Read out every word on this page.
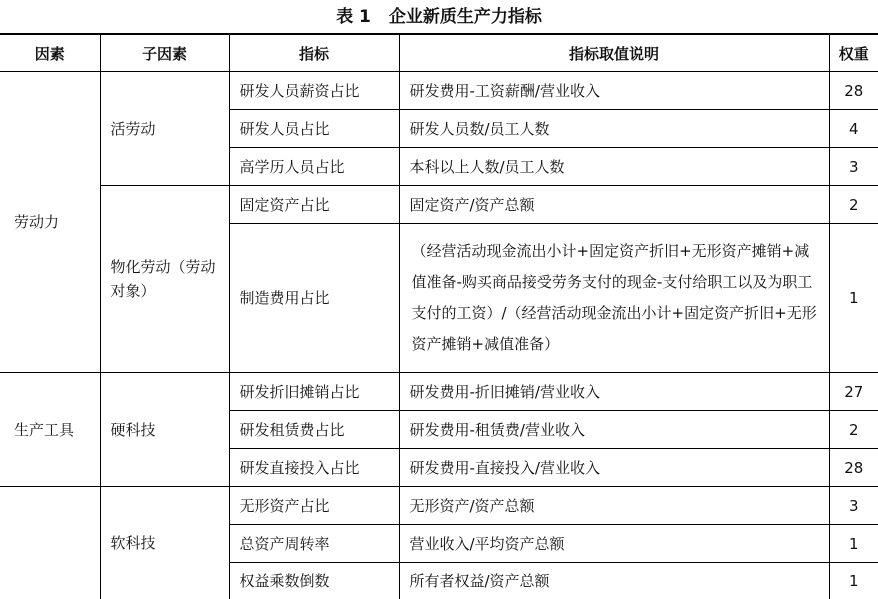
表 1 企业新质生产力指标
因素	子因素	指标	指标取值说明	权重
劳动力	活劳动	研发人员薪资占比	研发费用-工资薪酬/营业收入	28
		研发人员占比	研发人员数/员工人数	4
		高学历人员占比	本科以上人数/员工人数	3
	物化劳动（劳动对象）	固定资产占比	固定资产/资产总额	2
		制造费用占比	（经营活动现金流出小计+固定资产折旧+无形资产摊销+减值准备-购买商品接受劳务支付的现金-支付给职工以及为职工支付的工资）/（经营活动现金流出小计+固定资产折旧+无形资产摊销+减值准备）	1
生产工具	硬科技	研发折旧摊销占比	研发费用-折旧摊销/营业收入	27
		研发租赁费占比	研发费用-租赁费/营业收入	2
		研发直接投入占比	研发费用-直接投入/营业收入	28
	软科技	无形资产占比	无形资产/资产总额	3
		总资产周转率	营业收入/平均资产总额	1
		权益乘数倒数	所有者权益/资产总额	1
